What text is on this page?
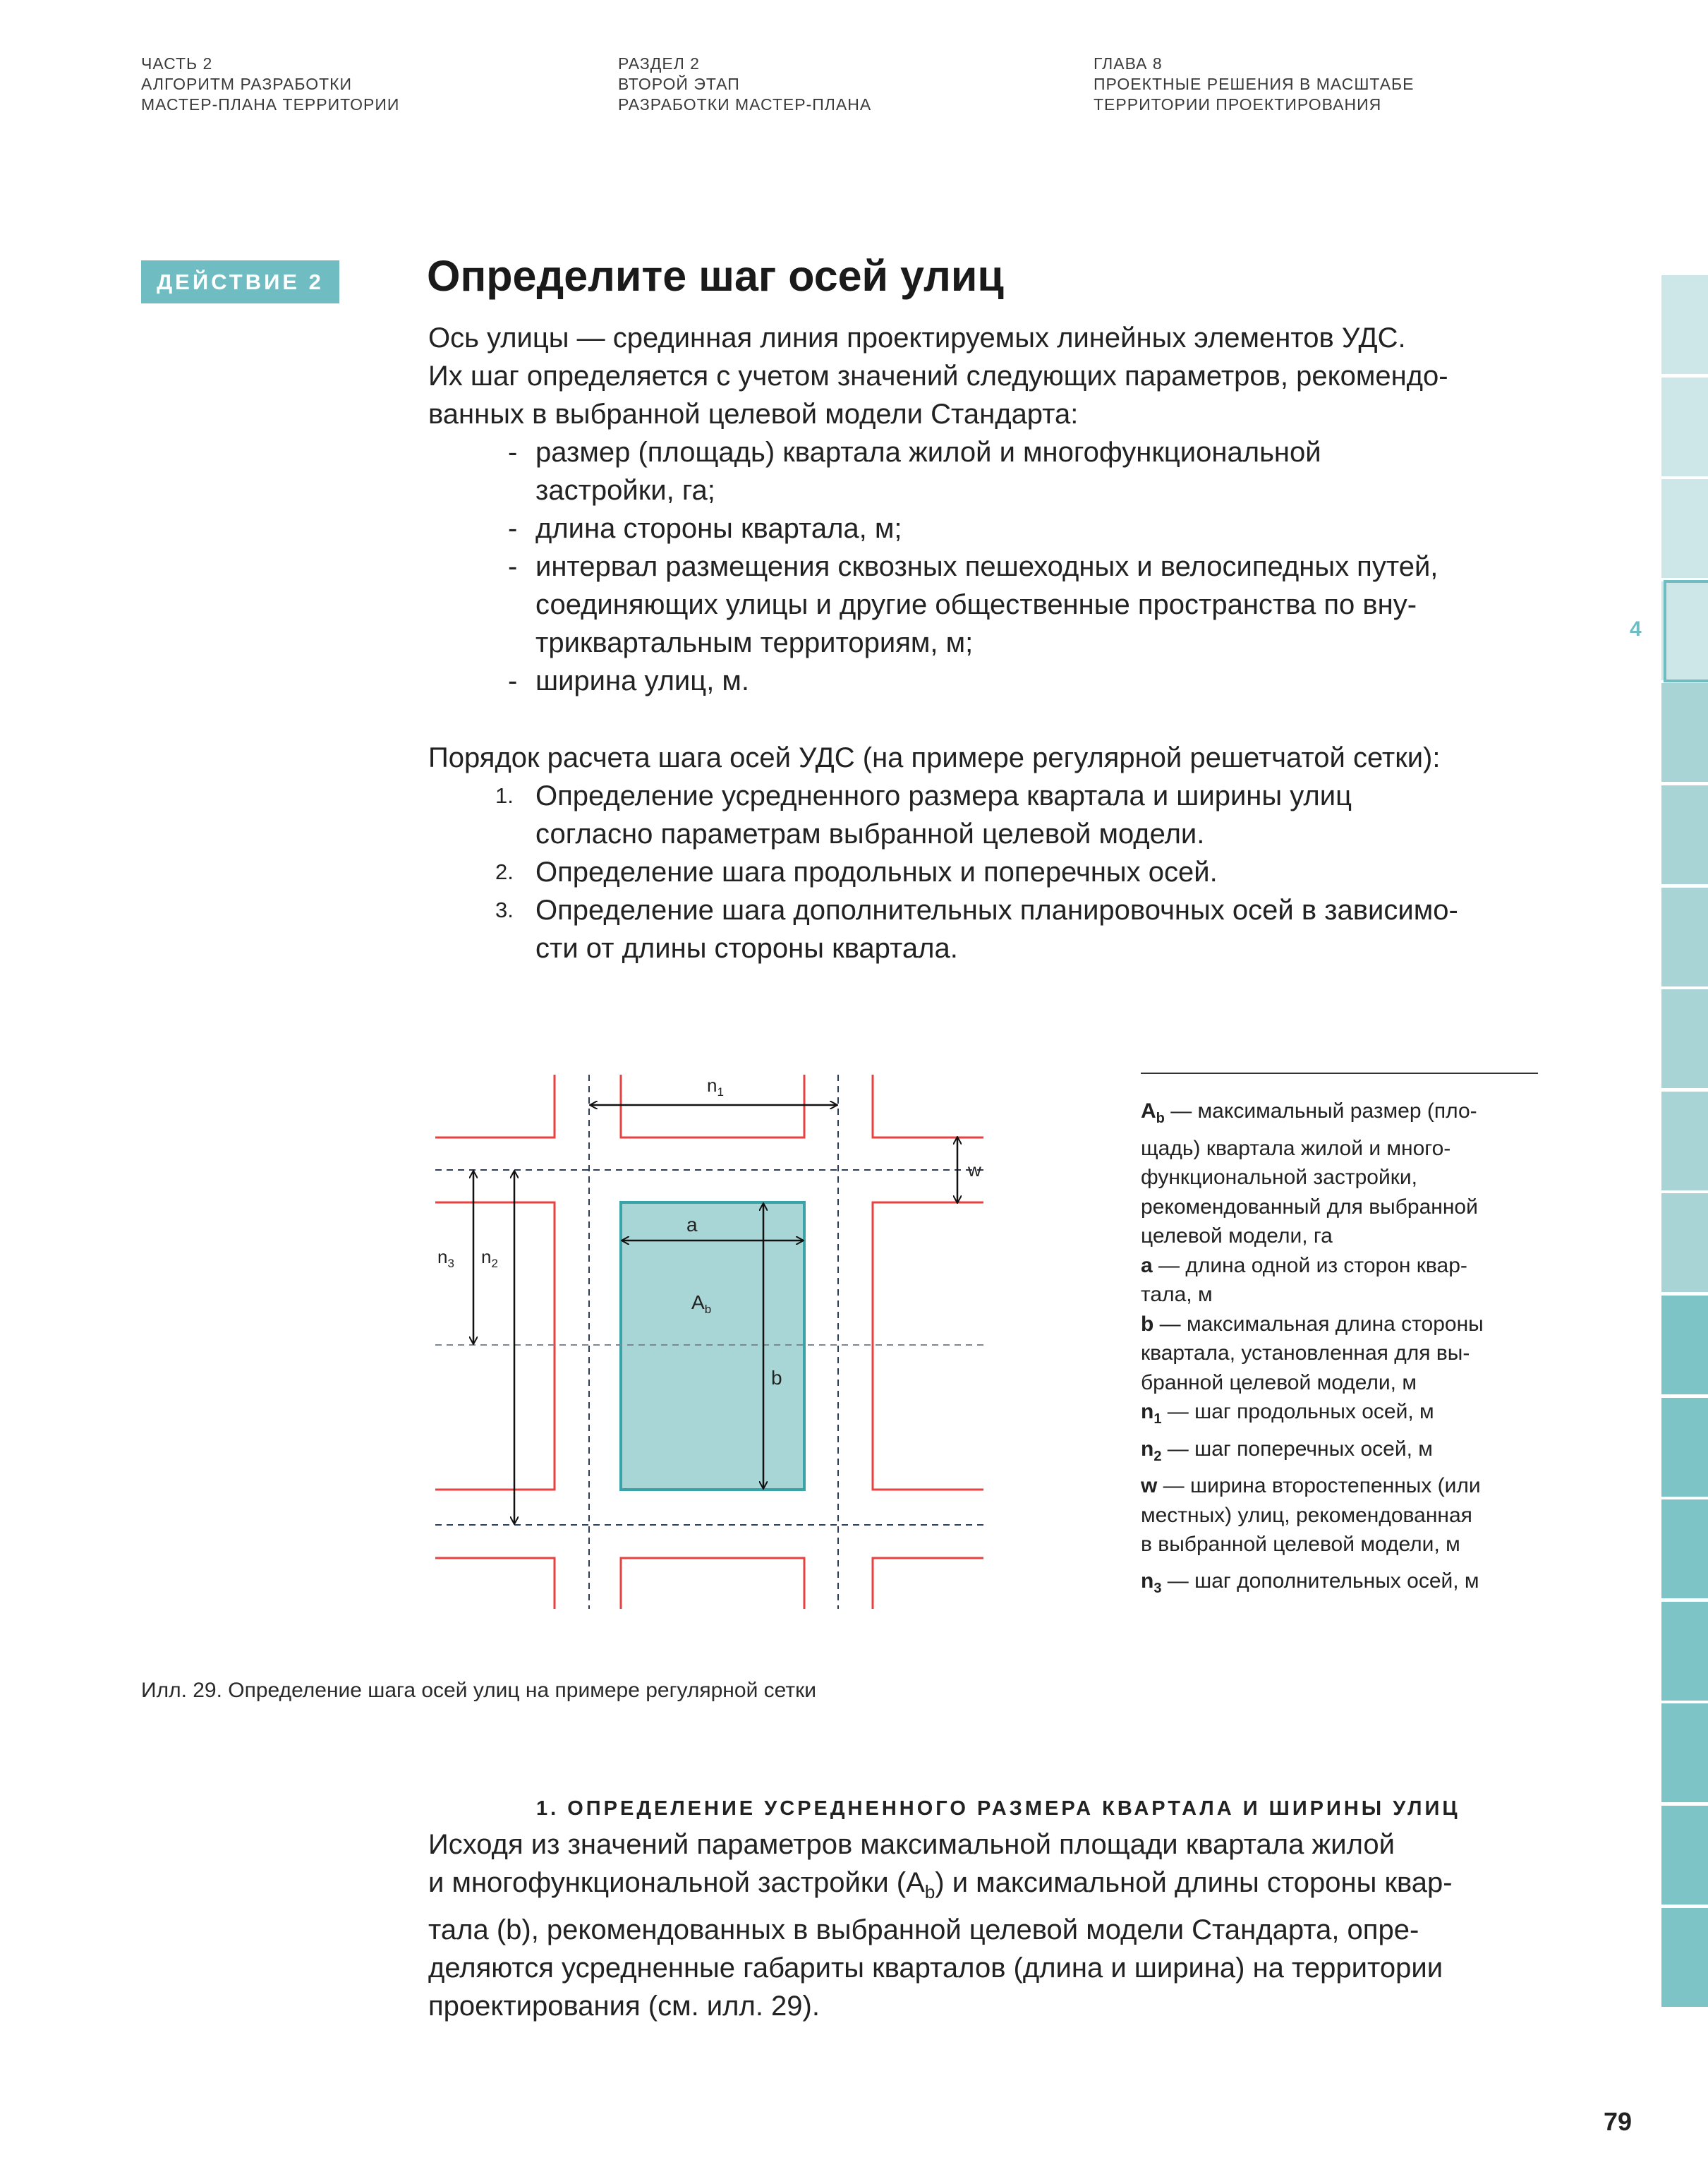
ЧАСТЬ 2
АЛГОРИТМ РАЗРАБОТКИ
МАСТЕР-ПЛАНА ТЕРРИТОРИИ
РАЗДЕЛ 2
ВТОРОЙ ЭТАП
РАЗРАБОТКИ МАСТЕР-ПЛАНА
ГЛАВА 8
ПРОЕКТНЫЕ РЕШЕНИЯ В МАСШТАБЕ
ТЕРРИТОРИИ ПРОЕКТИРОВАНИЯ
ДЕЙСТВИЕ 2	Определите шаг осей улиц

Ось улицы — срединная линия проектируемых линейных элементов УДС.

Их шаг определяется с учетом значений следующих параметров, рекомендо-

ванных в выбранной целевой модели Стандарта:

- размер (площадь) квартала жилой и многофункциональной

застройки, га;

- длина стороны квартала, м;

- интервал размещения сквозных пешеходных и велосипедных путей,

соединяющих улицы и другие общественные пространства по вну-

триквартальным территориям, м;

- ширина улиц, м.

Порядок расчета шага осей УДС (на примере регулярной решетчатой сетки):

1. Определение усредненного размера квартала и ширины улиц

согласно параметрам выбранной целевой модели.

2. Определение шага продольных и поперечных осей.

3. Определение шага дополнительных планировочных осей в зависимо-

сти от длины стороны квартала.

$n_1$
w
a
$A_b$
b
$n_3$ $n_2$
$A_b$ — максимальный размер (пло-
щадь) квартала жилой и много-
функциональной застройки,
рекомендованный для выбранной
целевой модели, га
a — длина одной из сторон квар-
тала, м
b — максимальная длина стороны
квартала, установленная для вы-
бранной целевой модели, м
$n_1$ — шаг продольных осей, м
$n_2$ — шаг поперечных осей, м
w — ширина второстепенных (или
местных) улиц, рекомендованная
в выбранной целевой модели, м
$n_3$ — шаг дополнительных осей, м
Илл. 29. Определение шага осей улиц на примере регулярной сетки
1. ОПРЕДЕЛЕНИЕ УСРЕДНЕННОГО РАЗМЕРА КВАРТАЛА И ШИРИНЫ УЛИЦ

Исходя из значений параметров максимальной площади квартала жилой

и многофункциональной застройки $(A_b)$ и максимальной длины стороны квар-

тала (b), рекомендованных в выбранной целевой модели Стандарта, опре-

деляются усредненные габариты кварталов (длина и ширина) на территории

проектирования (см. илл. 29).

4
79
